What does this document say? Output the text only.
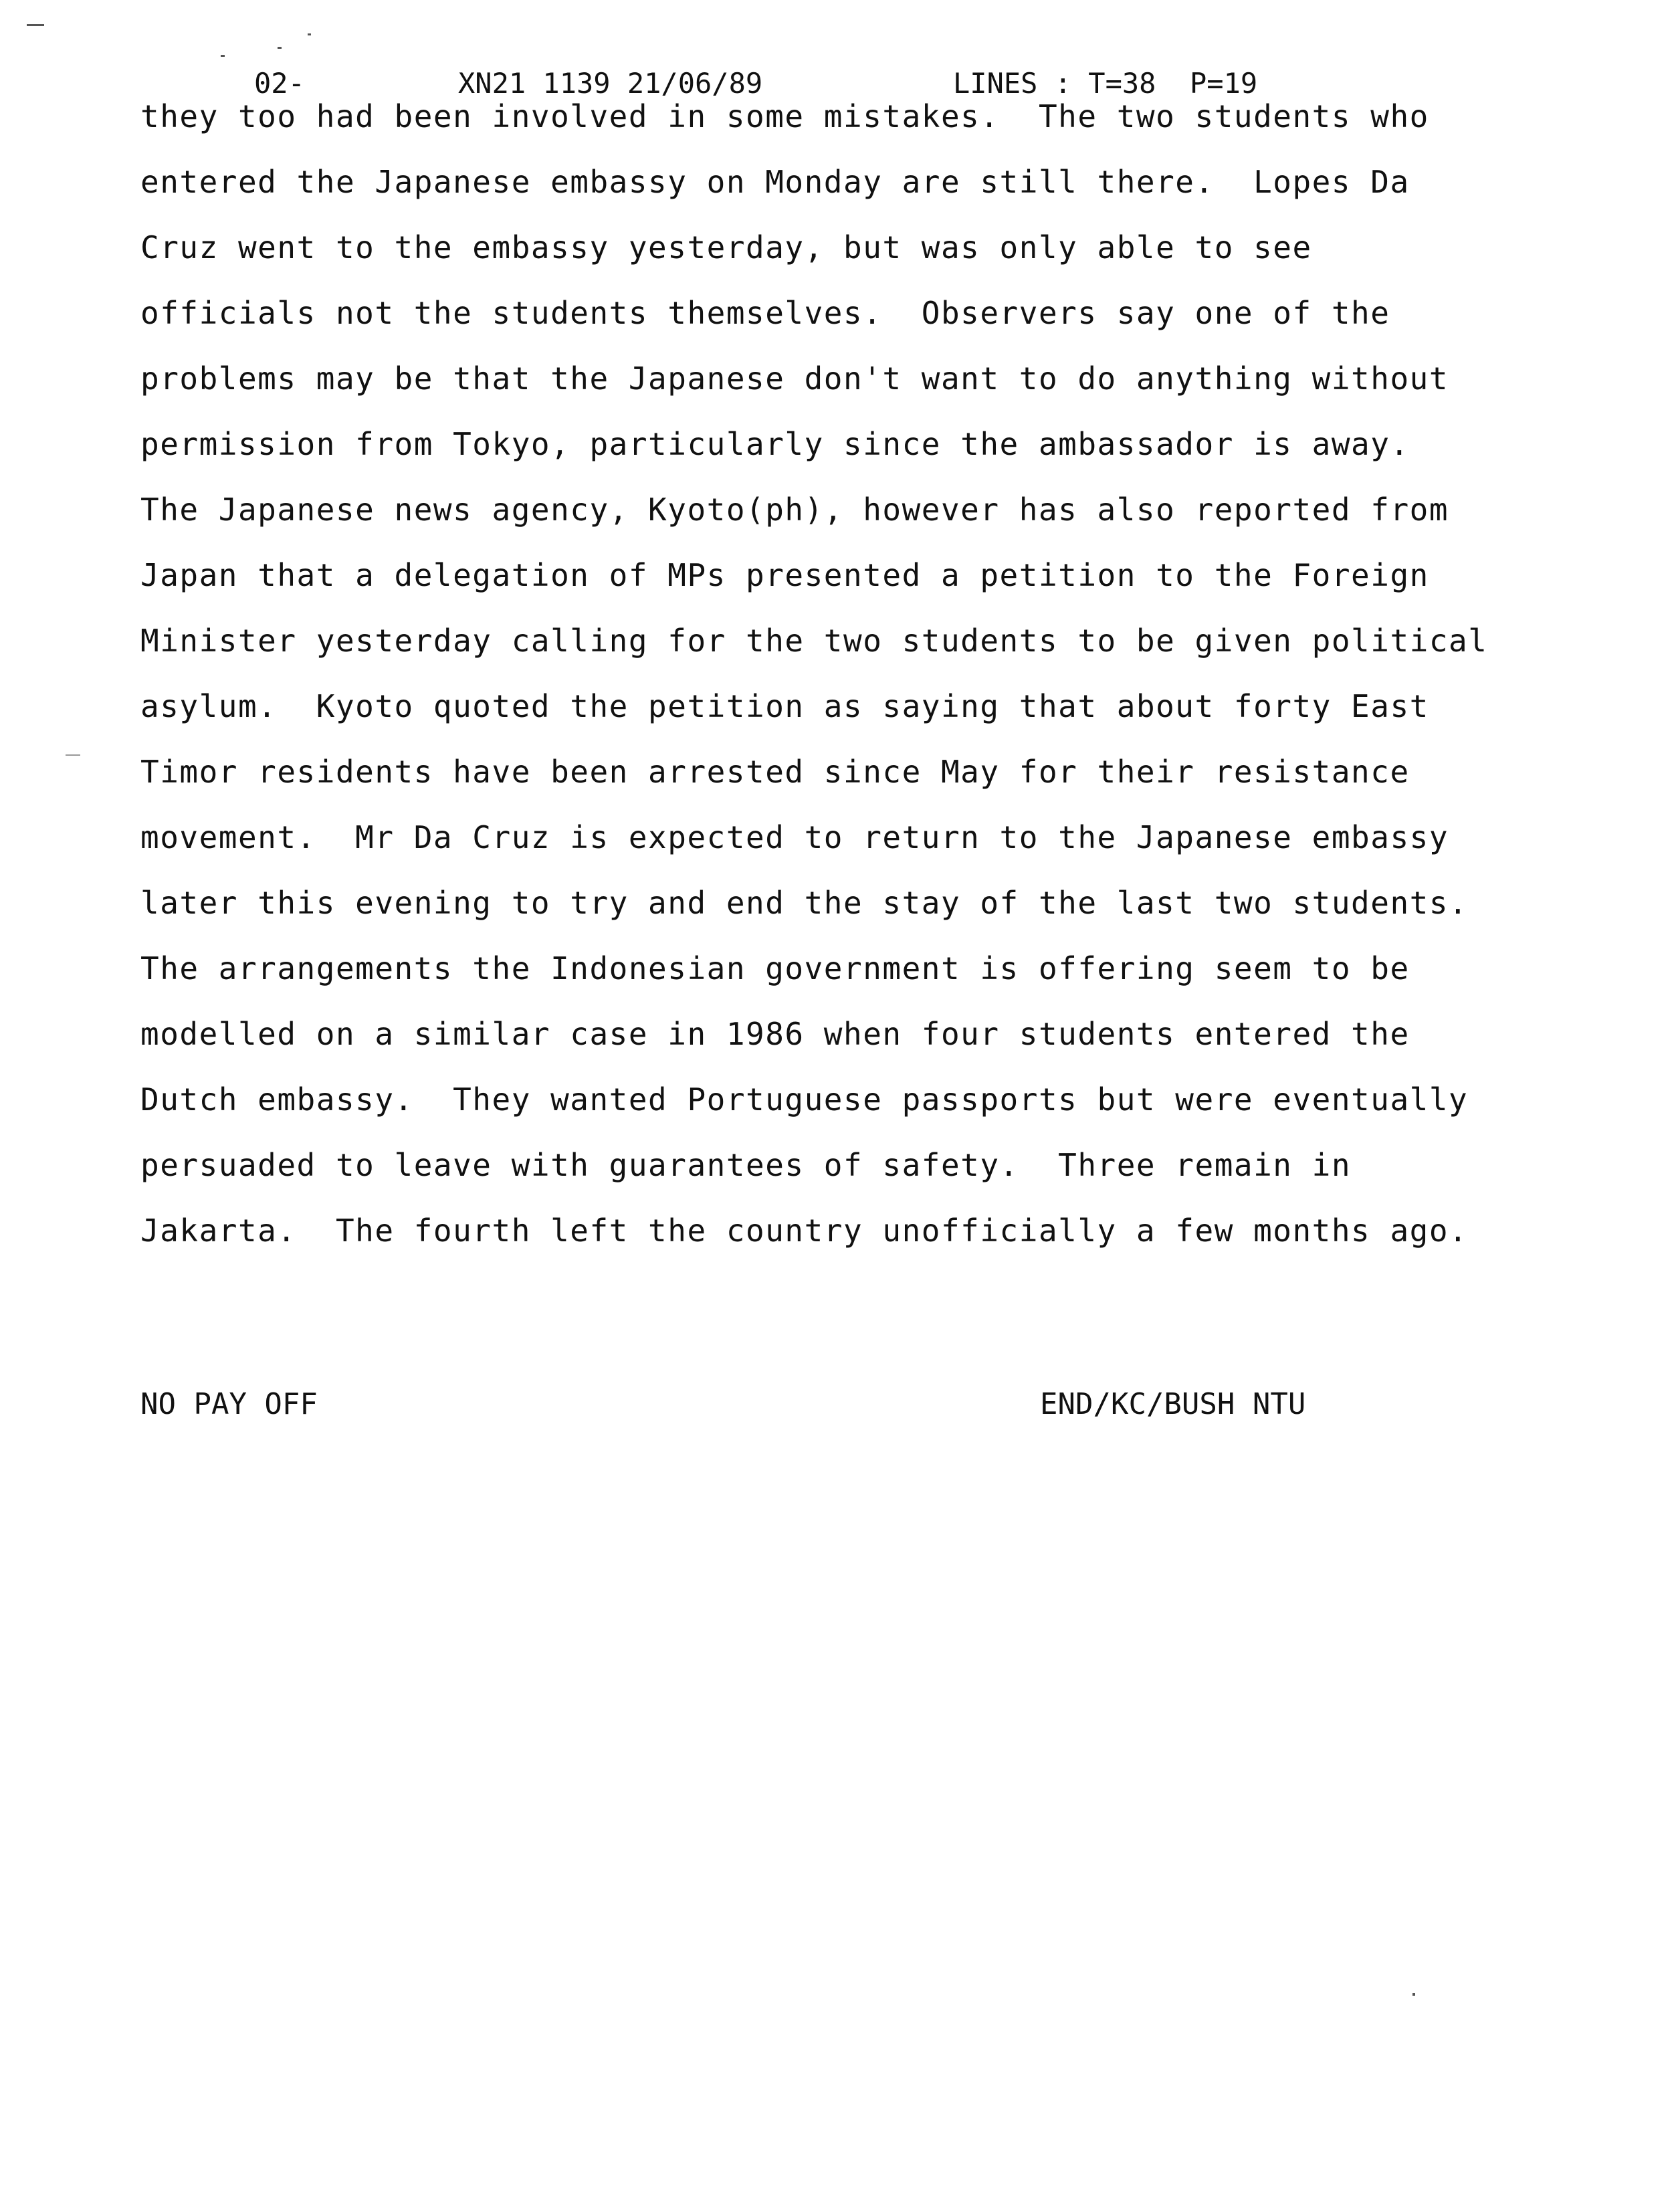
02-

	XN21 1139 21/06/89

	LINES : T=38  P=19

they too had been involved in some mistakes.  The two students who
entered the Japanese embassy on Monday are still there.  Lopes Da
Cruz went to the embassy yesterday, but was only able to see
officials not the students themselves.  Observers say one of the
problems may be that the Japanese don't want to do anything without
permission from Tokyo, particularly since the ambassador is away.
The Japanese news agency, Kyoto(ph), however has also reported from
Japan that a delegation of MPs presented a petition to the Foreign
Minister yesterday calling for the two students to be given political
asylum.  Kyoto quoted the petition as saying that about forty East
Timor residents have been arrested since May for their resistance
movement.  Mr Da Cruz is expected to return to the Japanese embassy
later this evening to try and end the stay of the last two students.
The arrangements the Indonesian government is offering seem to be
modelled on a similar case in 1986 when four students entered the
Dutch embassy.  They wanted Portuguese passports but were eventually
persuaded to leave with guarantees of safety.  Three remain in
Jakarta.  The fourth left the country unofficially a few months ago.

NO PAY OFF

	END/KC/BUSH NTU
